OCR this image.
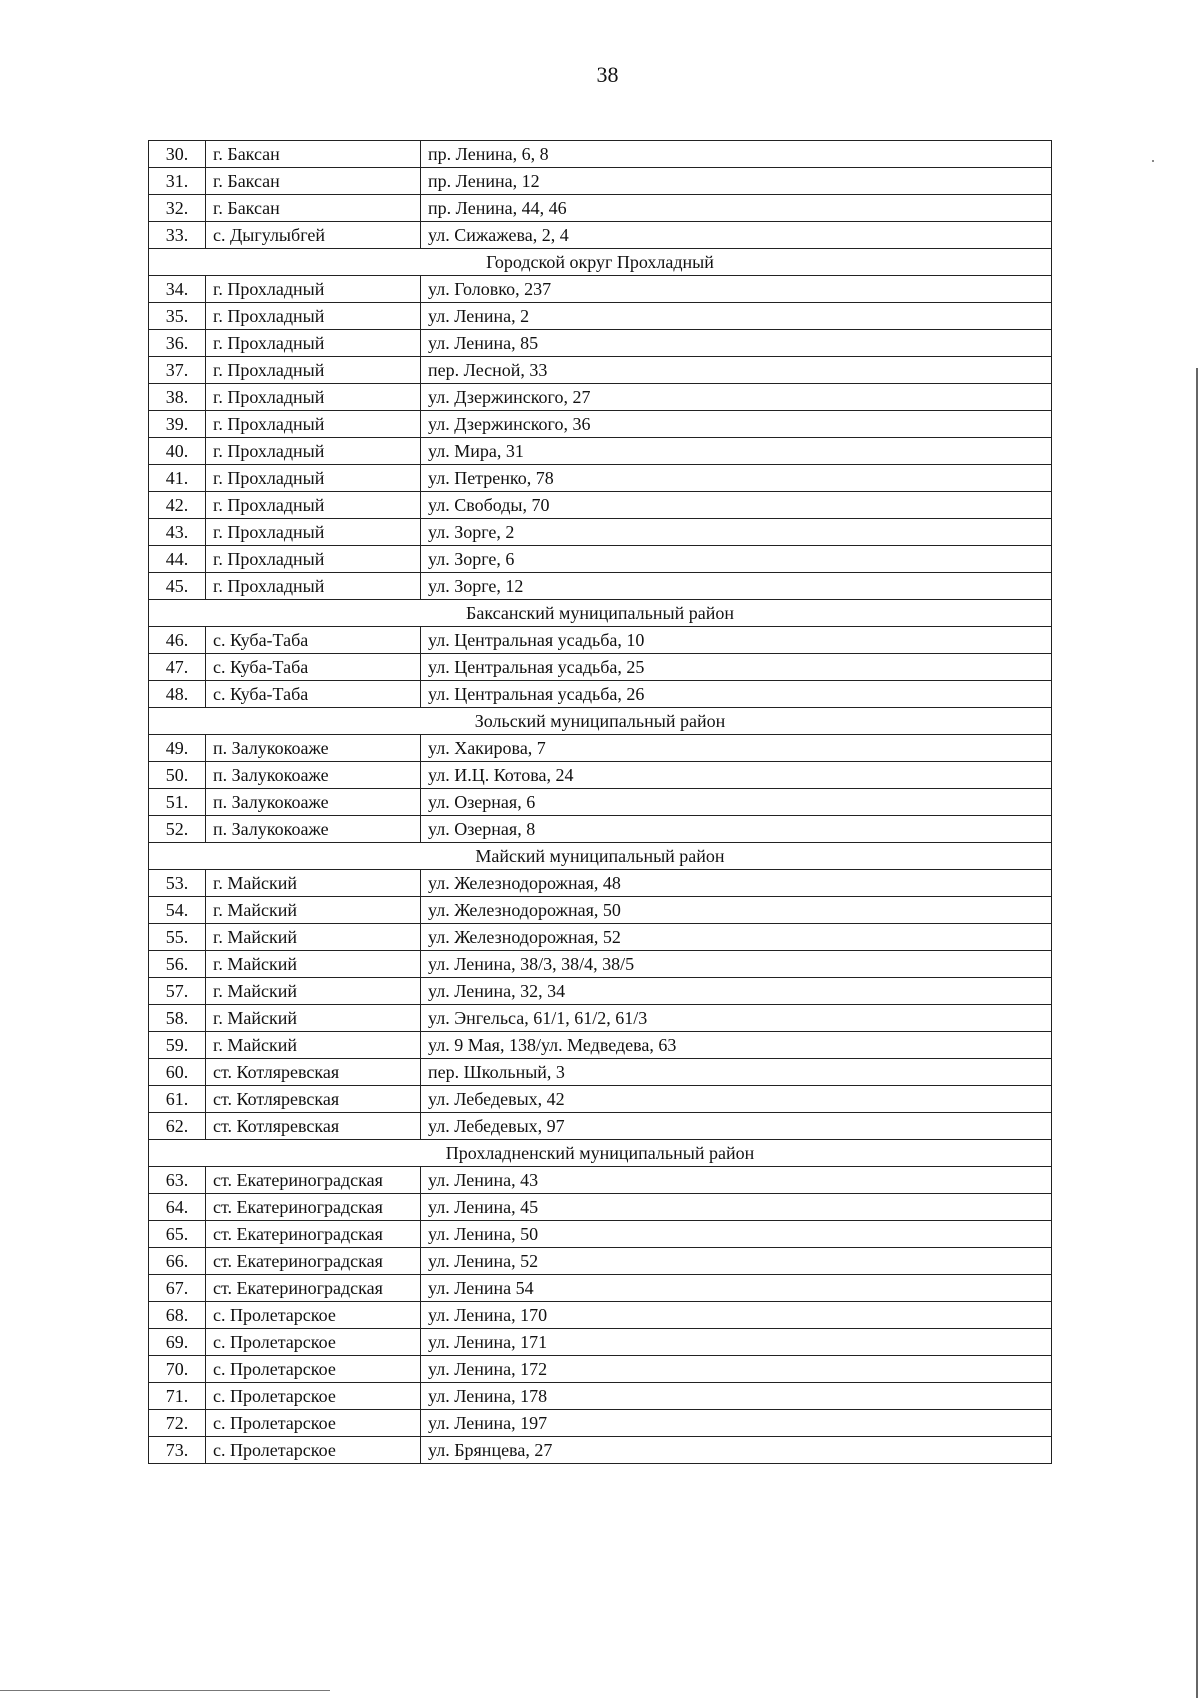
38
30.	г. Баксан	пр. Ленина, 6, 8
31.	г. Баксан	пр. Ленина, 12
32.	г. Баксан	пр. Ленина, 44, 46
33.	с. Дыгулыбгей	ул. Сижажева, 2, 4
Городской округ Прохладный		
34.	г. Прохладный	ул. Головко, 237
35.	г. Прохладный	ул. Ленина, 2
36.	г. Прохладный	ул. Ленина, 85
37.	г. Прохладный	пер. Лесной, 33
38.	г. Прохладный	ул. Дзержинского, 27
39.	г. Прохладный	ул. Дзержинского, 36
40.	г. Прохладный	ул. Мира, 31
41.	г. Прохладный	ул. Петренко, 78
42.	г. Прохладный	ул. Свободы, 70
43.	г. Прохладный	ул. Зорге, 2
44.	г. Прохладный	ул. Зорге, 6
45.	г. Прохладный	ул. Зорге, 12
Баксанский муниципальный район		
46.	с. Куба-Таба	ул. Центральная усадьба, 10
47.	с. Куба-Таба	ул. Центральная усадьба, 25
48.	с. Куба-Таба	ул. Центральная усадьба, 26
Зольский муниципальный район		
49.	п. Залукокоаже	ул. Хакирова, 7
50.	п. Залукокоаже	ул. И.Ц. Котова, 24
51.	п. Залукокоаже	ул. Озерная, 6
52.	п. Залукокоаже	ул. Озерная, 8
Майский муниципальный район		
53.	г. Майский	ул. Железнодорожная, 48
54.	г. Майский	ул. Железнодорожная, 50
55.	г. Майский	ул. Железнодорожная, 52
56.	г. Майский	ул. Ленина, 38/3, 38/4, 38/5
57.	г. Майский	ул. Ленина, 32, 34
58.	г. Майский	ул. Энгельса, 61/1, 61/2, 61/3
59.	г. Майский	ул. 9 Мая, 138/ул. Медведева, 63
60.	ст. Котляревская	пер. Школьный, 3
61.	ст. Котляревская	ул. Лебедевых, 42
62.	ст. Котляревская	ул. Лебедевых, 97
Прохладненский муниципальный район		
63.	ст. Екатериноградская	ул. Ленина, 43
64.	ст. Екатериноградская	ул. Ленина, 45
65.	ст. Екатериноградская	ул. Ленина, 50
66.	ст. Екатериноградская	ул. Ленина, 52
67.	ст. Екатериноградская	ул. Ленина 54
68.	с. Пролетарское	ул. Ленина, 170
69.	с. Пролетарское	ул. Ленина, 171
70.	с. Пролетарское	ул. Ленина, 172
71.	с. Пролетарское	ул. Ленина, 178
72.	с. Пролетарское	ул. Ленина, 197
73.	с. Пролетарское	ул. Брянцева, 27
